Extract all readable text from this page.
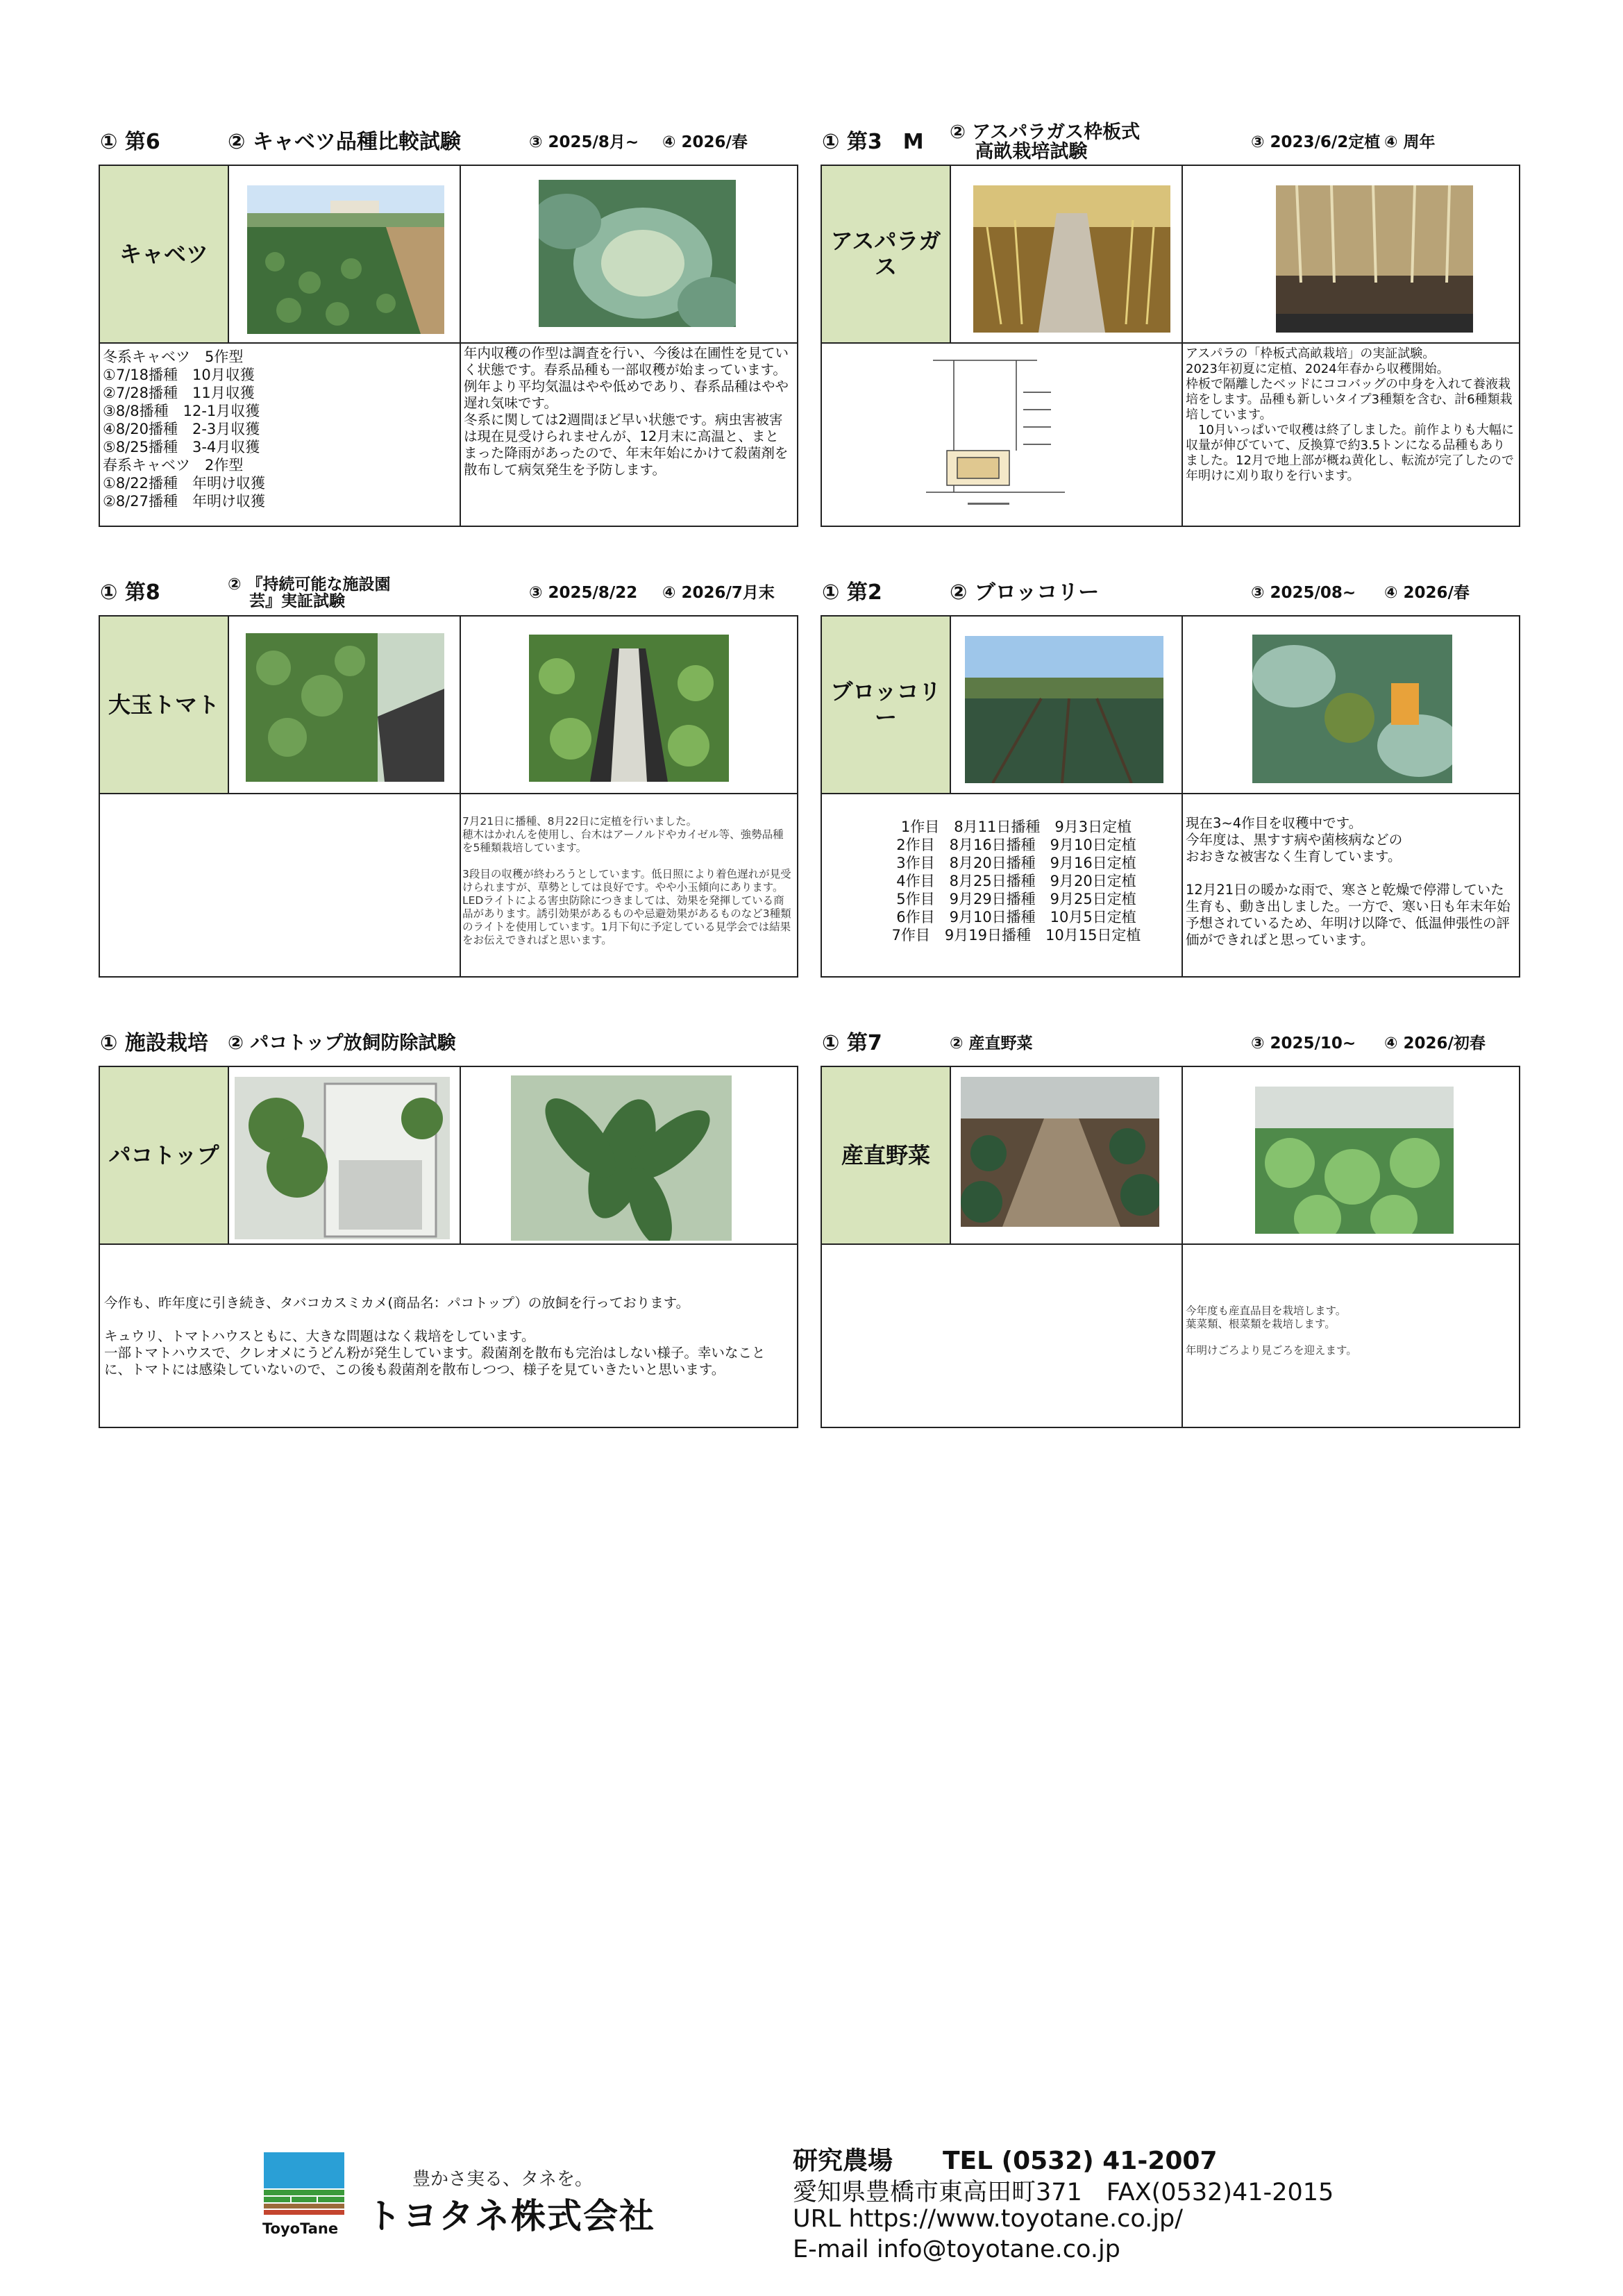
① 第6	② キャベツ品種比較試験	③ 2025/8月~ ④ 2026/春
キャベツ
冬系キャベツ　5作型
①7/18播種　10月収獲
②7/28播種　11月収獲
③8/8播種　12-1月収獲
④8/20播種　2-3月収獲
⑤8/25播種　3-4月収獲
春系キャベツ　2作型
①8/22播種　年明け収獲
②8/27播種　年明け収獲
年内収穫の作型は調査を行い、今後は在圃性を見ていく状態です。春系品種も一部収穫が始まっています。 例年より平均気温はやや低めであり、春系品種はやや遅れ気味です。
冬系に関しては2週間ほど早い状態です。病虫害被害は現在見受けられませんが、12月末に高温と、まとまった降雨があったので、年末年始にかけて殺菌剤を散布して病気発生を予防します。
① 第3　M ② アスパラガス枠板式
　 高畝栽培試験	③ 2023/6/2定植 ④ 周年
アスパラガス
アスパラの「枠板式高畝栽培」の実証試験。
2023年初夏に定植、2024年春から収穫開始。
枠板で隔離したベッドにココバッグの中身を入れて養液栽培をします。品種も新しいタイプ3種類を含む、計6種類栽培しています。
　10月いっぱいで収穫は終了しました。前作よりも大幅に収量が伸びていて、反換算で約3.5トンになる品種もありました。12月で地上部が概ね黄化し、転流が完了したので年明けに刈り取りを行います。
① 第8	② 『持続可能な施設園
　 芸』実証試験	③ 2025/8/22 ④ 2026/7月末
大玉トマト
7月21日に播種、8月22日に定植を行いました。
穂木はかれんを使用し、台木はアーノルドやカイゼル等、強勢品種を5種類栽培しています。

3段目の収穫が終わろうとしています。低日照により着色遅れが見受けられますが、草勢としては良好です。やや小玉傾向にあります。
LEDライトによる害虫防除につきましては、効果を発揮している商品があります。誘引効果があるものや忌避効果があるものなど3種類のライトを使用しています。1月下旬に予定している見学会では結果をお伝えできればと思います。
① 第2	② ブロッコリー	③ 2025/08~ ④ 2026/春
ブロッコリー
1作目　8月11日播種　9月3日定植
2作目　8月16日播種　9月10日定植
3作目　8月20日播種　9月16日定植
4作目　8月25日播種　9月20日定植
5作目　9月29日播種　9月25日定植
6作目　9月10日播種　10月5日定植
7作目　9月19日播種　10月15日定植
現在3~4作目を収穫中です。
今年度は、黒すす病や菌核病などの
おおきな被害なく生育しています。

12月21日の暖かな雨で、寒さと乾燥で停滞していた生育も、動き出しました。一方で、寒い日も年末年始予想されているため、年明け以降で、低温伸張性の評価ができればと思っています。
① 施設栽培 ② パコトップ放飼防除試験
パコトップ
今作も、昨年度に引き続き、タバコカスミカメ(商品名：パコトップ）の放飼を行っております。

キュウリ、トマトハウスともに、大きな問題はなく栽培をしています。
一部トマトハウスで、クレオメにうどん粉が発生しています。殺菌剤を散布も完治はしない様子。幸いなことに、トマトには感染していないので、この後も殺菌剤を散布しつつ、様子を見ていきたいと思います。
① 第7	② 産直野菜	③ 2025/10~ ④ 2026/初春
産直野菜
今年度も産直品目を栽培します。
葉菜類、根菜類を栽培します。

年明けごろより見ごろを迎えます。
ToyoTane
豊かさ実る、タネを。
トヨタネ株式会社
研究農場　　TEL (0532) 41-2007
愛知県豊橋市東高田町371　FAX(0532)41-2015
URL https://www.toyotane.co.jp/
E-mail info@toyotane.co.jp
